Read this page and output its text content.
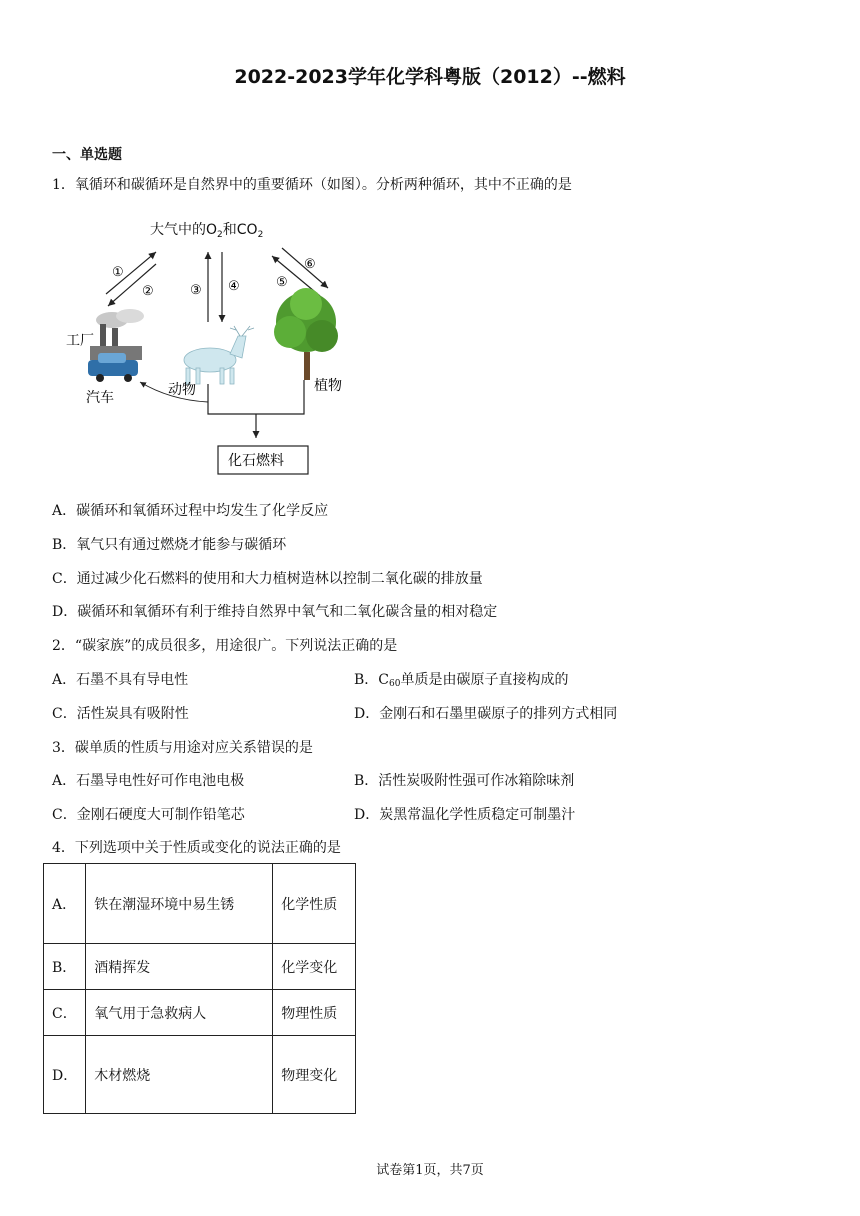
2022-2023学年化学科粤版（2012）--燃料
一、单选题
1．氧循环和碳循环是自然界中的重要循环（如图）。分析两种循环，其中不正确的是
大气中的$O_2$和$CO_2$
①
②	③ ④	⑤
⑥
工厂
汽车	动物	植物
化石燃料
A．碳循环和氧循环过程中均发生了化学反应
B．氧气只有通过燃烧才能参与碳循环
C．通过减少化石燃料的使用和大力植树造林以控制二氧化碳的排放量
D．碳循环和氧循环有利于维持自然界中氧气和二氧化碳含量的相对稳定
2．“碳家族”的成员很多，用途很广。下列说法正确的是
A．石墨不具有导电性	B．$C_{60}$单质是由碳原子直接构成的
C．活性炭具有吸附性	D．金刚石和石墨里碳原子的排列方式相同
3．碳单质的性质与用途对应关系错误的是
A．石墨导电性好可作电池电极	B．活性炭吸附性强可作冰箱除味剂
C．金刚石硬度大可制作铅笔芯	D．炭黑常温化学性质稳定可制墨汁
4．下列选项中关于性质或变化的说法正确的是
A．	铁在潮湿环境中易生锈	化学性质
B．	酒精挥发	化学变化
C．	氧气用于急救病人	物理性质
D．	木材燃烧	物理变化
试卷第1页，共7页
